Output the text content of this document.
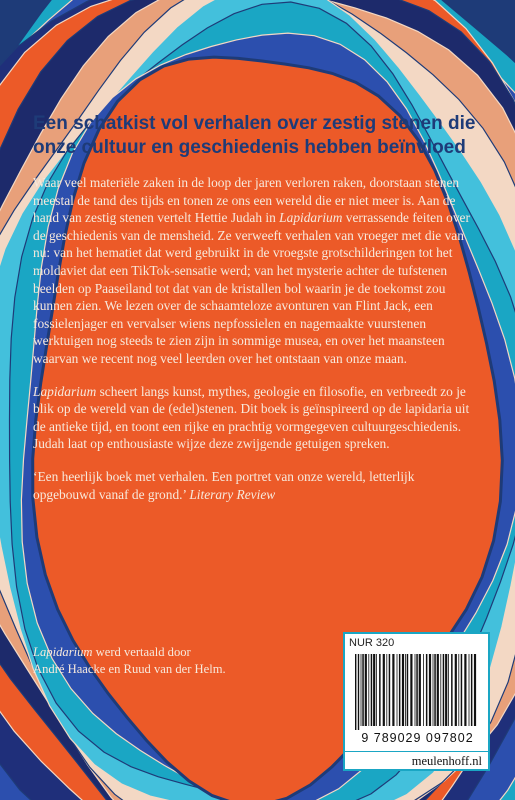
Een schatkist vol verhalen over zestig stenen die onze cultuur en geschiedenis hebben beïnvloed

Waar veel materiële zaken in de loop der jaren verloren raken, doorstaan stenen meestal de tand des tijds en tonen ze ons een wereld die er niet meer is. Aan de hand van zestig stenen vertelt Hettie Judah in Lapidarium verrassende feiten over de geschiedenis van de mensheid. Ze verweeft verhalen van vroeger met die van nu: van het hematiet dat werd gebruikt in de vroegste grotschilderingen tot het moldaviet dat een TikTok-sensatie werd; van het mysterie achter de tufstenen beelden op Paaseiland tot dat van de kristallen bol waarin je de toekomst zou kunnen zien. We lezen over de schaamteloze avonturen van Flint Jack, een fossielenjager en vervalser wiens nepfossielen en nagemaakte vuurstenen werktuigen nog steeds te zien zijn in sommige musea, en over het maansteen waarvan we recent nog veel leerden over het ontstaan van onze maan.

Lapidarium scheert langs kunst, mythes, geologie en filosofie, en verbreedt zo je blik op de wereld van de (edel)stenen. Dit boek is geïnspireerd op de lapidaria uit de antieke tijd, en toont een rijke en prachtig vormgegeven cultuurgeschiedenis. Judah laat op enthousiaste wijze deze zwijgende getuigen spreken.

‘Een heerlijk boek met verhalen. Een portret van onze wereld, letterlijk opgebouwd vanaf de grond.’ Literary Review

Lapidarium werd vertaald door
André Haacke en Ruud van der Helm.
NUR 320
9 789029 097802
meulenhoff.nl
